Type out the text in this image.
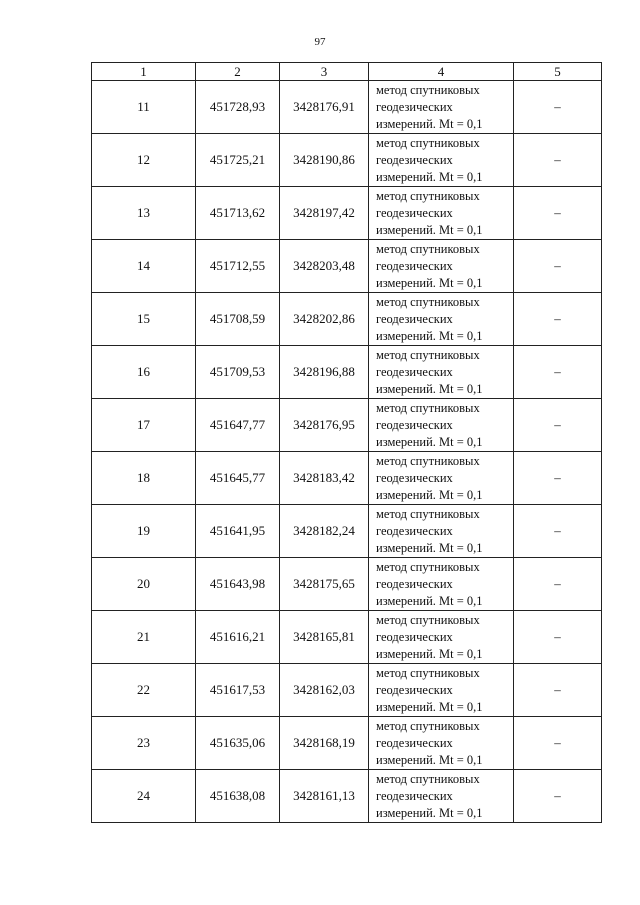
97
1	2	3	4	5
11	451728,93	3428176,91	метод спутниковых
геодезических
измерений. Mt = 0,1	–
12	451725,21	3428190,86	метод спутниковых
геодезических
измерений. Mt = 0,1	–
13	451713,62	3428197,42	метод спутниковых
геодезических
измерений. Mt = 0,1	–
14	451712,55	3428203,48	метод спутниковых
геодезических
измерений. Mt = 0,1	–
15	451708,59	3428202,86	метод спутниковых
геодезических
измерений. Mt = 0,1	–
16	451709,53	3428196,88	метод спутниковых
геодезических
измерений. Mt = 0,1	–
17	451647,77	3428176,95	метод спутниковых
геодезических
измерений. Mt = 0,1	–
18	451645,77	3428183,42	метод спутниковых
геодезических
измерений. Mt = 0,1	–
19	451641,95	3428182,24	метод спутниковых
геодезических
измерений. Mt = 0,1	–
20	451643,98	3428175,65	метод спутниковых
геодезических
измерений. Mt = 0,1	–
21	451616,21	3428165,81	метод спутниковых
геодезических
измерений. Mt = 0,1	–
22	451617,53	3428162,03	метод спутниковых
геодезических
измерений. Mt = 0,1	–
23	451635,06	3428168,19	метод спутниковых
геодезических
измерений. Mt = 0,1	–
24	451638,08	3428161,13	метод спутниковых
геодезических
измерений. Mt = 0,1	–
